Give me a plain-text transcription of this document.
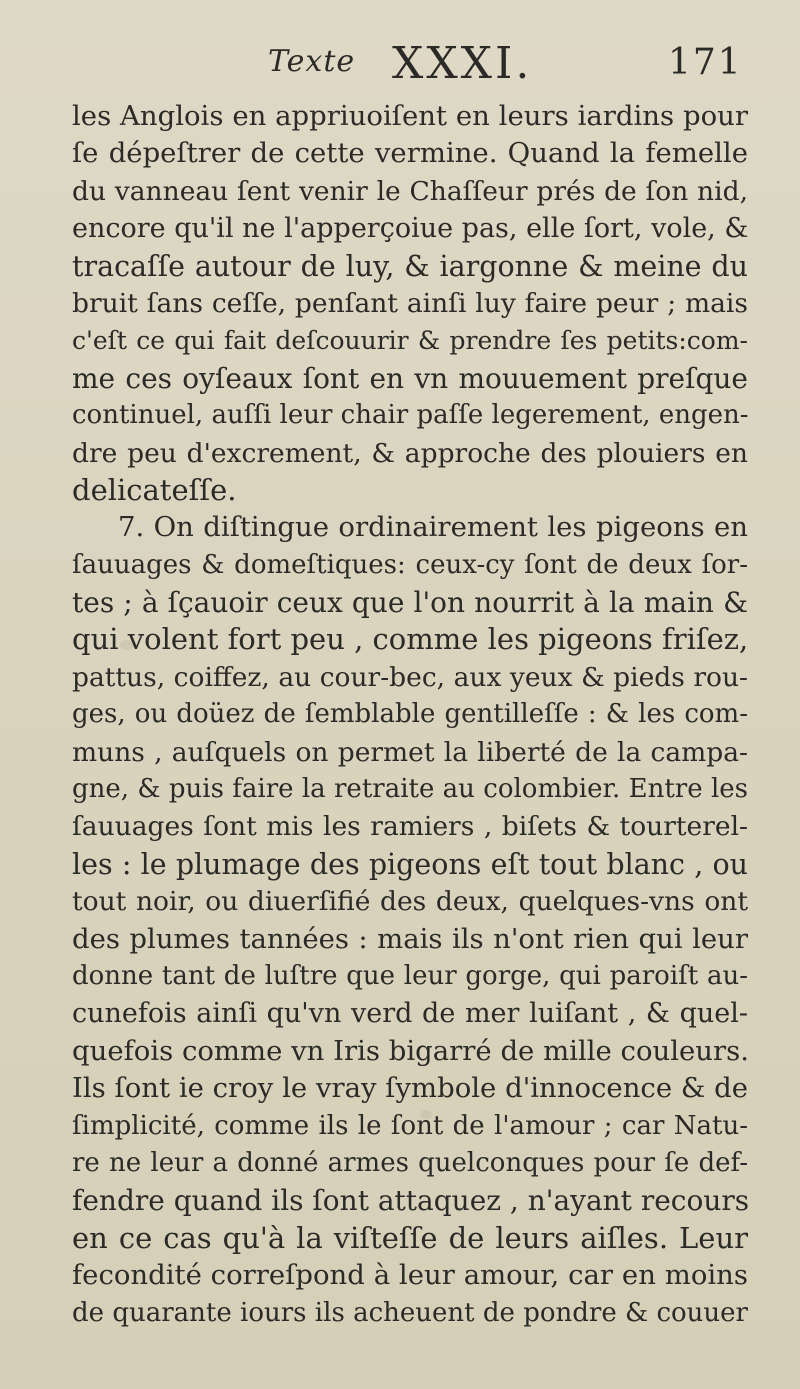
Texte XXXI.	171
les Anglois en appriuoiſent en leurs iardins pour
ſe dépeſtrer de cette vermine. Quand la femelle
du vanneau ſent venir le Chaſſeur prés de ſon nid,
encore qu'il ne l'apperçoiue pas, elle ſort, vole, &
tracaſſe autour de luy, & iargonne & meine du
bruit ſans ceſſe, penſant ainſi luy faire peur ; mais
c'eſt ce qui fait deſcouurir & prendre ſes petits:com-
me ces oyſeaux ſont en vn mouuement preſque
continuel, auſſi leur chair paſſe legerement, engen-
dre peu d'excrement, & approche des plouiers en
delicateſſe.
7. On diſtingue ordinairement les pigeons en
ſauuages & domeſtiques: ceux-cy ſont de deux ſor-
tes ; à ſçauoir ceux que l'on nourrit à la main &
qui volent fort peu , comme les pigeons friſez,
pattus, coiffez, au cour-bec, aux yeux & pieds rou-
ges, ou doüez de ſemblable gentilleſſe : & les com-
muns , auſquels on permet la liberté de la campa-
gne, & puis faire la retraite au colombier. Entre les
ſauuages ſont mis les ramiers , biſets & tourterel-
les : le plumage des pigeons eſt tout blanc , ou
tout noir, ou diuerſifié des deux, quelques-vns ont
des plumes tannées : mais ils n'ont rien qui leur
donne tant de luſtre que leur gorge, qui paroiſt au-
cunefois ainſi qu'vn verd de mer luiſant , & quel-
quefois comme vn Iris bigarré de mille couleurs.
Ils ſont ie croy le vray ſymbole d'innocence & de
ſimplicité, comme ils le ſont de l'amour ; car Natu-
re ne leur a donné armes quelconques pour ſe def-
fendre quand ils ſont attaquez , n'ayant recours
en ce cas qu'à la viſteſſe de leurs aiſles. Leur
fecondité correſpond à leur amour, car en moins
de quarante iours ils acheuent de pondre & couuer
